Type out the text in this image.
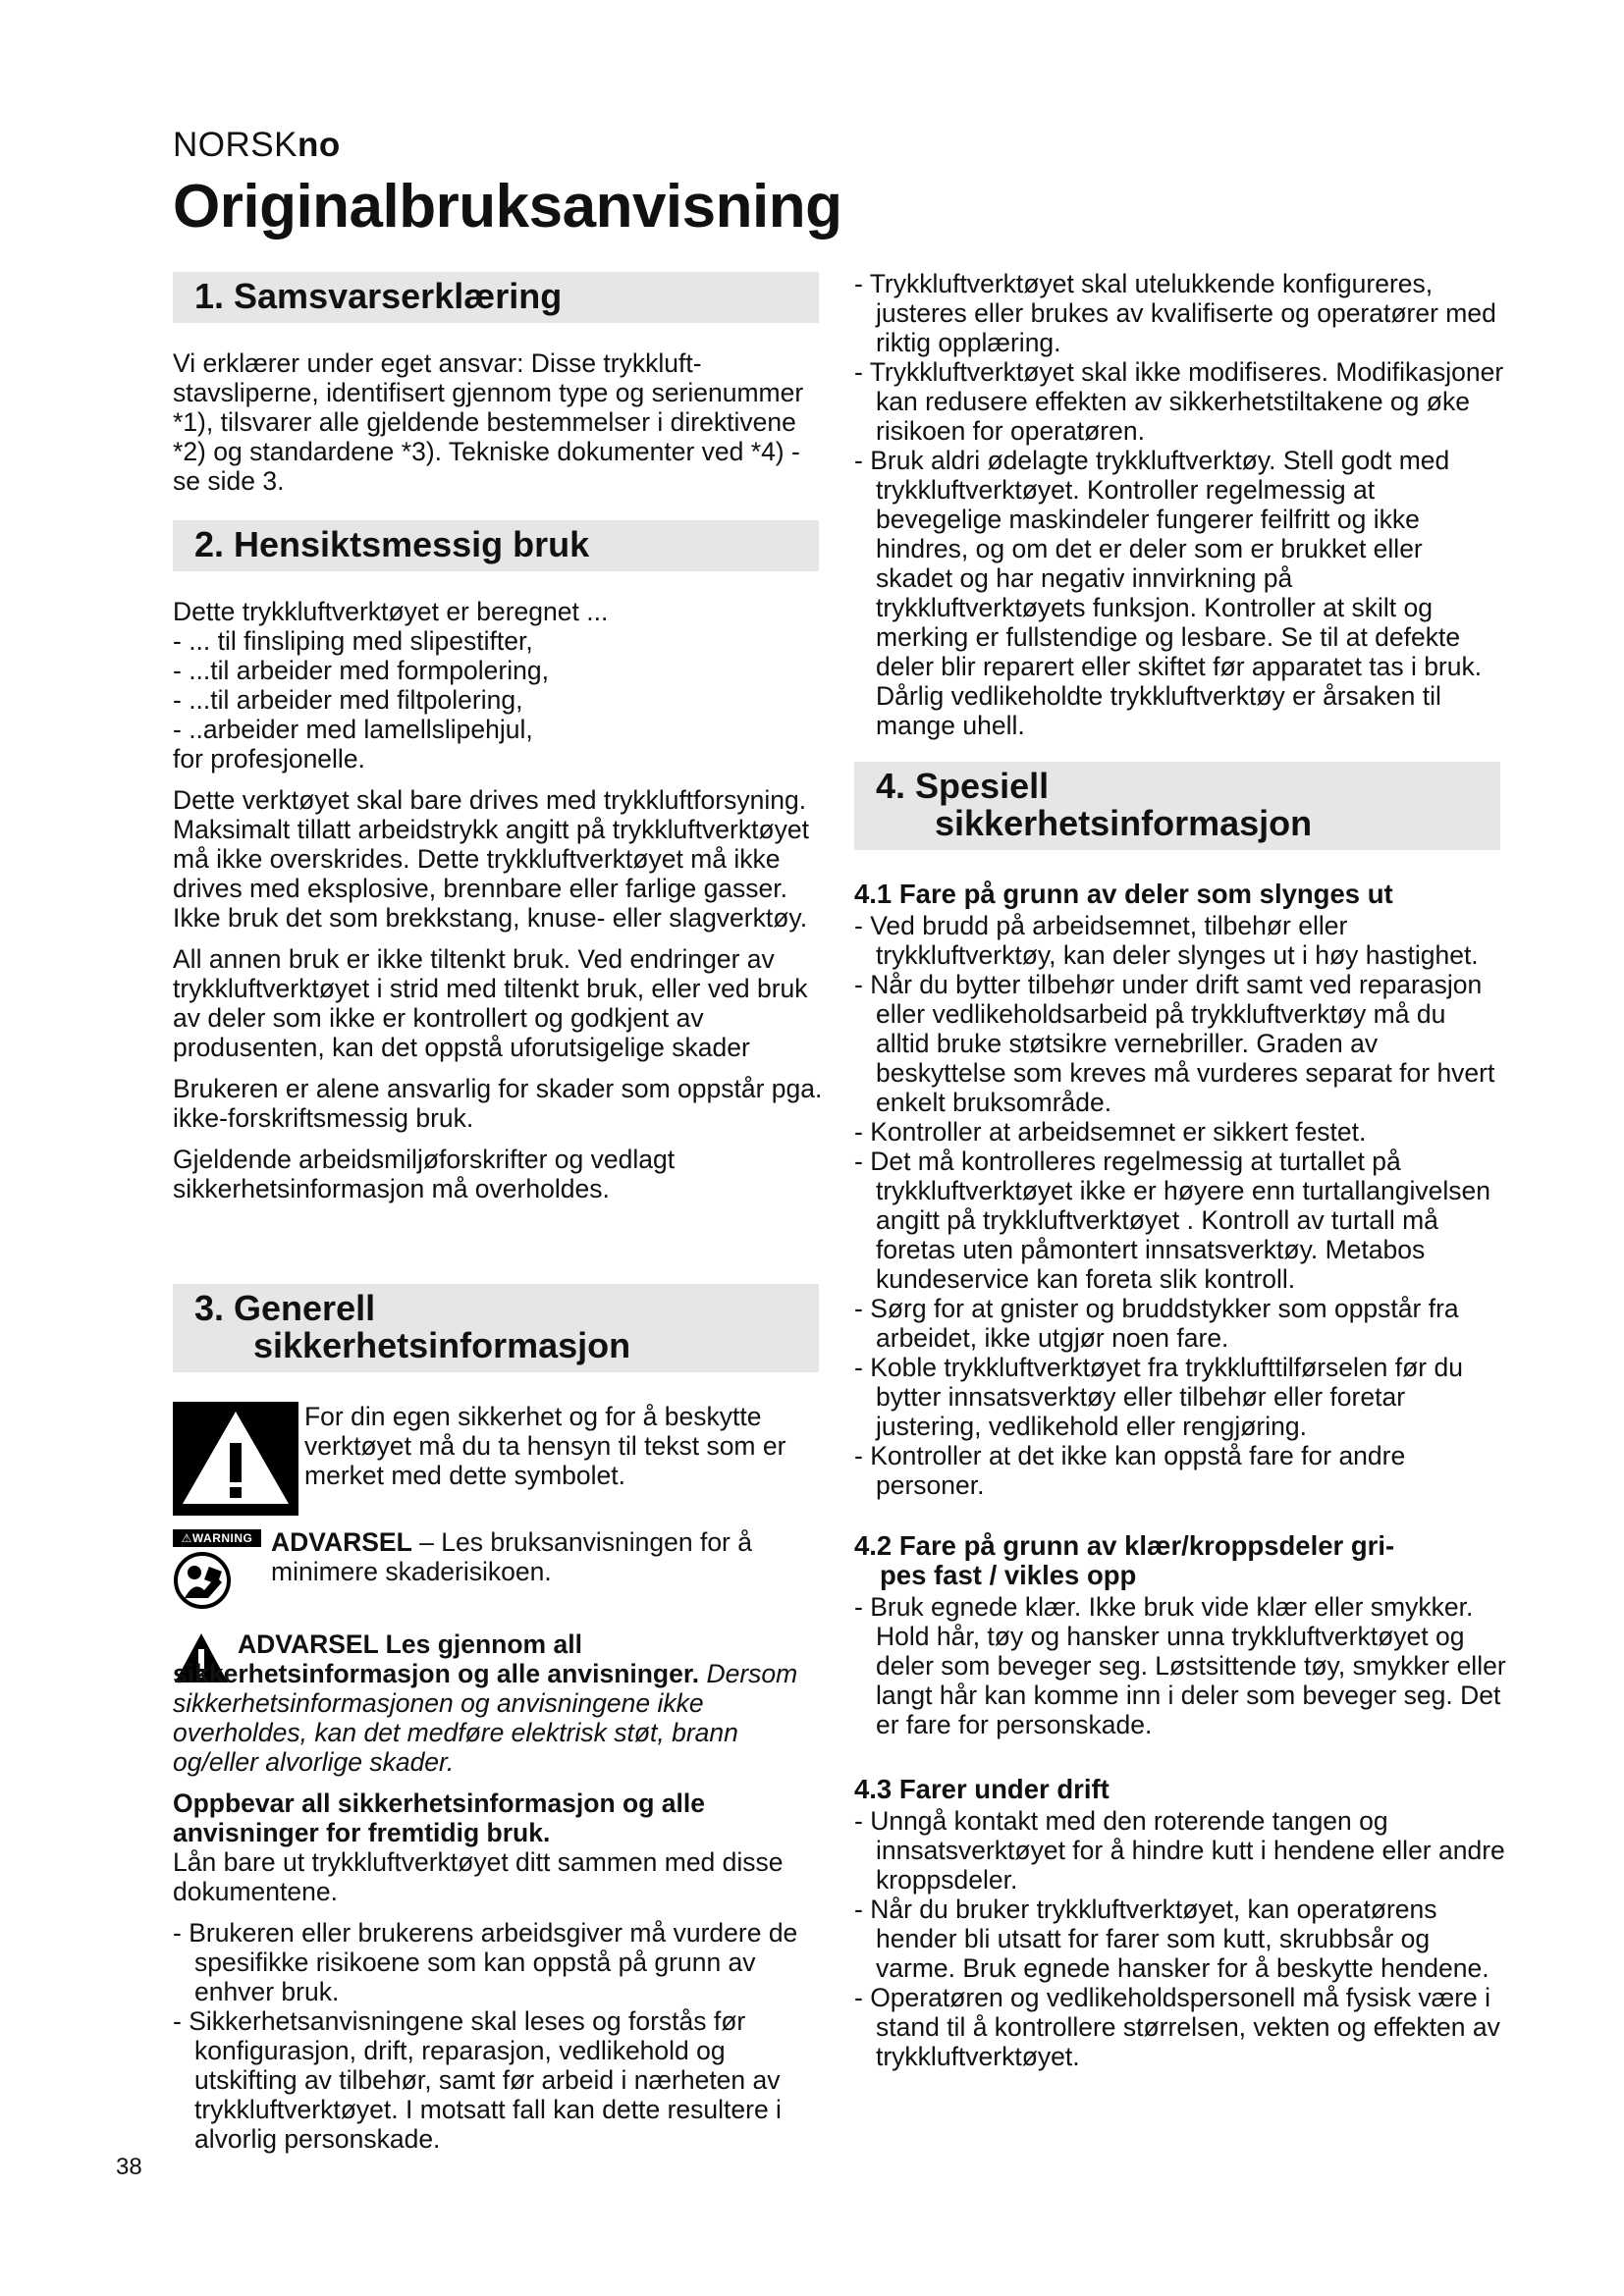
NORSKno
Originalbruksanvisning
1. Samsvarserklæring

Vi erklærer under eget ansvar: Disse trykkluft-stavsliperne, identifisert gjennom type og serienummer *1), tilsvarer alle gjeldende bestemmelser i direktivene *2) og standardene *3). Tekniske dokumenter ved *4) - se side 3.

2. Hensiktsmessig bruk

Dette trykkluftverktøyet er beregnet ...

- ... til finsliping med slipestifter,
- ...til arbeider med formpolering,
- ...til arbeider med filtpolering,
- ..arbeider med lamellslipehjul,

for profesjonelle.

Dette verktøyet skal bare drives med trykkluftforsyning. Maksimalt tillatt arbeidstrykk angitt på trykkluftverktøyet må ikke overskrides. Dette trykkluftverktøyet må ikke drives med eksplosive, brennbare eller farlige gasser. Ikke bruk det som brekkstang, knuse- eller slagverktøy.

All annen bruk er ikke tiltenkt bruk. Ved endringer av trykkluftverktøyet i strid med tiltenkt bruk, eller ved bruk av deler som ikke er kontrollert og godkjent av produsenten, kan det oppstå uforutsigelige skader

Brukeren er alene ansvarlig for skader som oppstår pga. ikke-forskriftsmessig bruk.

Gjeldende arbeidsmiljøforskrifter og vedlagt sikkerhetsinformasjon må overholdes.

3. Generell
sikkerhetsinformasjon

For din egen sikkerhet og for å beskytte verktøyet må du ta hensyn til tekst som er merket med dette symbolet.

⚠WARNING ADVARSEL – Les bruksanvisningen for å minimere skaderisikoen.

ADVARSEL Les gjennom all sikkerhetsinformasjon og alle anvisninger. Dersom sikkerhetsinformasjonen og anvisningene ikke overholdes, kan det medføre elektrisk støt, brann og/eller alvorlige skader.

Oppbevar all sikkerhetsinformasjon og alle anvisninger for fremtidig bruk.

Lån bare ut trykkluftverktøyet ditt sammen med disse dokumentene.

- Brukeren eller brukerens arbeidsgiver må vurdere de spesifikke risikoene som kan oppstå på grunn av enhver bruk.
- Sikkerhetsanvisningene skal leses og forstås før konfigurasjon, drift, reparasjon, vedlikehold og utskifting av tilbehør, samt før arbeid i nærheten av trykkluftverktøyet. I motsatt fall kan dette resultere i alvorlig personskade.
- Trykkluftverktøyet skal utelukkende konfigureres, justeres eller brukes av kvalifiserte og operatører med riktig opplæring.
- Trykkluftverktøyet skal ikke modifiseres. Modifikasjoner kan redusere effekten av sikkerhetstiltakene og øke risikoen for operatøren.
- Bruk aldri ødelagte trykkluftverktøy. Stell godt med trykkluftverktøyet. Kontroller regelmessig at bevegelige maskindeler fungerer feilfritt og ikke hindres, og om det er deler som er brukket eller skadet og har negativ innvirkning på trykkluftverktøyets funksjon. Kontroller at skilt og merking er fullstendige og lesbare. Se til at defekte deler blir reparert eller skiftet før apparatet tas i bruk. Dårlig vedlikeholdte trykkluftverktøy er årsaken til mange uhell.
4. Spesiell
sikkerhetsinformasjon

4.1 Fare på grunn av deler som slynges ut

- Ved brudd på arbeidsemnet, tilbehør eller trykkluftverktøy, kan deler slynges ut i høy hastighet.
- Når du bytter tilbehør under drift samt ved reparasjon eller vedlikeholdsarbeid på trykkluftverktøy må du alltid bruke støtsikre vernebriller. Graden av beskyttelse som kreves må vurderes separat for hvert enkelt bruksområde.
- Kontroller at arbeidsemnet er sikkert festet.
- Det må kontrolleres regelmessig at turtallet på trykkluftverktøyet ikke er høyere enn turtallangivelsen angitt på trykkluftverktøyet . Kontroll av turtall må foretas uten påmontert innsatsverktøy. Metabos kundeservice kan foreta slik kontroll.
- Sørg for at gnister og bruddstykker som oppstår fra arbeidet, ikke utgjør noen fare.
- Koble trykkluftverktøyet fra trykklufttilførselen før du bytter innsatsverktøy eller tilbehør eller foretar justering, vedlikehold eller rengjøring.
- Kontroller at det ikke kan oppstå fare for andre personer.

4.2 Fare på grunn av klær/kroppsdeler gri-
pes fast / vikles opp

- Bruk egnede klær. Ikke bruk vide klær eller smykker. Hold hår, tøy og hansker unna trykkluftverktøyet og deler som beveger seg. Løstsittende tøy, smykker eller langt hår kan komme inn i deler som beveger seg. Det er fare for personskade.

4.3 Farer under drift

- Unngå kontakt med den roterende tangen og innsatsverktøyet for å hindre kutt i hendene eller andre kroppsdeler.
- Når du bruker trykkluftverktøyet, kan operatørens hender bli utsatt for farer som kutt, skrubbsår og varme. Bruk egnede hansker for å beskytte hendene.
- Operatøren og vedlikeholdspersonell må fysisk være i stand til å kontrollere størrelsen, vekten og effekten av trykkluftverktøyet.
38
